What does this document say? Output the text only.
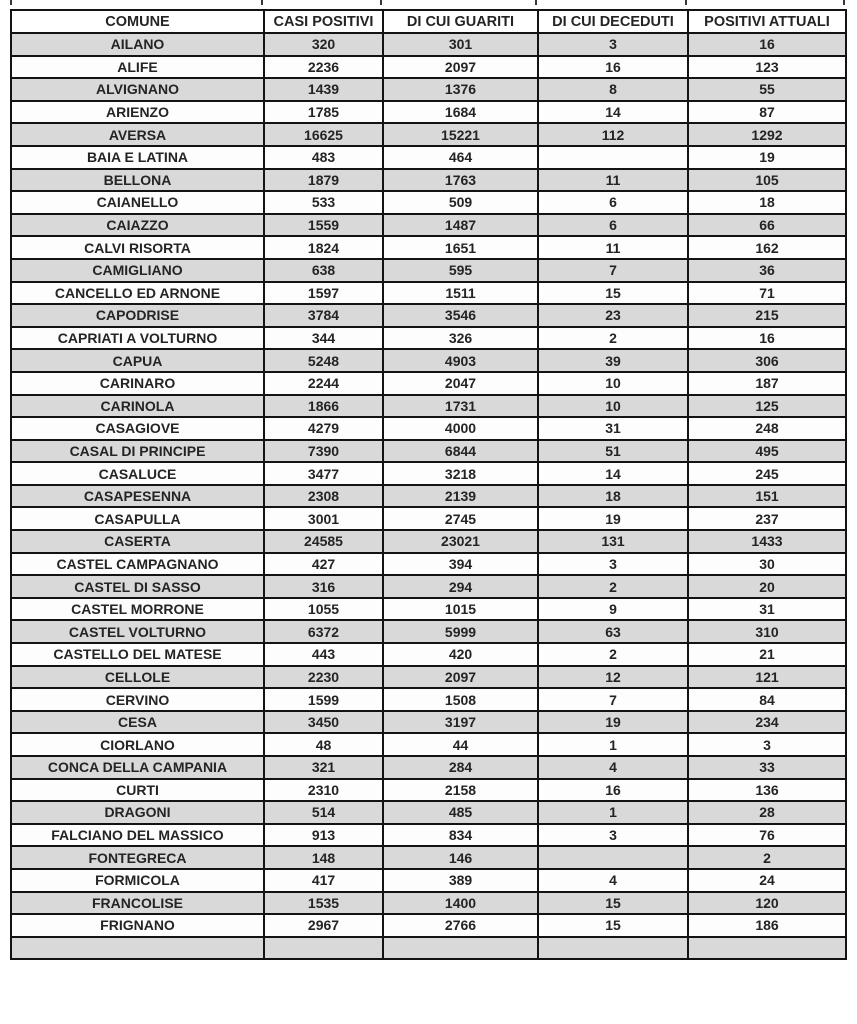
COMUNE	CASI POSITIVI	DI CUI GUARITI	DI CUI DECEDUTI	POSITIVI ATTUALI
AILANO	320	301	3	16
ALIFE	2236	2097	16	123
ALVIGNANO	1439	1376	8	55
ARIENZO	1785	1684	14	87
AVERSA	16625	15221	112	1292
BAIA E LATINA	483	464		19
BELLONA	1879	1763	11	105
CAIANELLO	533	509	6	18
CAIAZZO	1559	1487	6	66
CALVI RISORTA	1824	1651	11	162
CAMIGLIANO	638	595	7	36
CANCELLO ED ARNONE	1597	1511	15	71
CAPODRISE	3784	3546	23	215
CAPRIATI A VOLTURNO	344	326	2	16
CAPUA	5248	4903	39	306
CARINARO	2244	2047	10	187
CARINOLA	1866	1731	10	125
CASAGIOVE	4279	4000	31	248
CASAL DI PRINCIPE	7390	6844	51	495
CASALUCE	3477	3218	14	245
CASAPESENNA	2308	2139	18	151
CASAPULLA	3001	2745	19	237
CASERTA	24585	23021	131	1433
CASTEL CAMPAGNANO	427	394	3	30
CASTEL DI SASSO	316	294	2	20
CASTEL MORRONE	1055	1015	9	31
CASTEL VOLTURNO	6372	5999	63	310
CASTELLO DEL MATESE	443	420	2	21
CELLOLE	2230	2097	12	121
CERVINO	1599	1508	7	84
CESA	3450	3197	19	234
CIORLANO	48	44	1	3
CONCA DELLA CAMPANIA	321	284	4	33
CURTI	2310	2158	16	136
DRAGONI	514	485	1	28
FALCIANO DEL MASSICO	913	834	3	76
FONTEGRECA	148	146		2
FORMICOLA	417	389	4	24
FRANCOLISE	1535	1400	15	120
FRIGNANO	2967	2766	15	186
